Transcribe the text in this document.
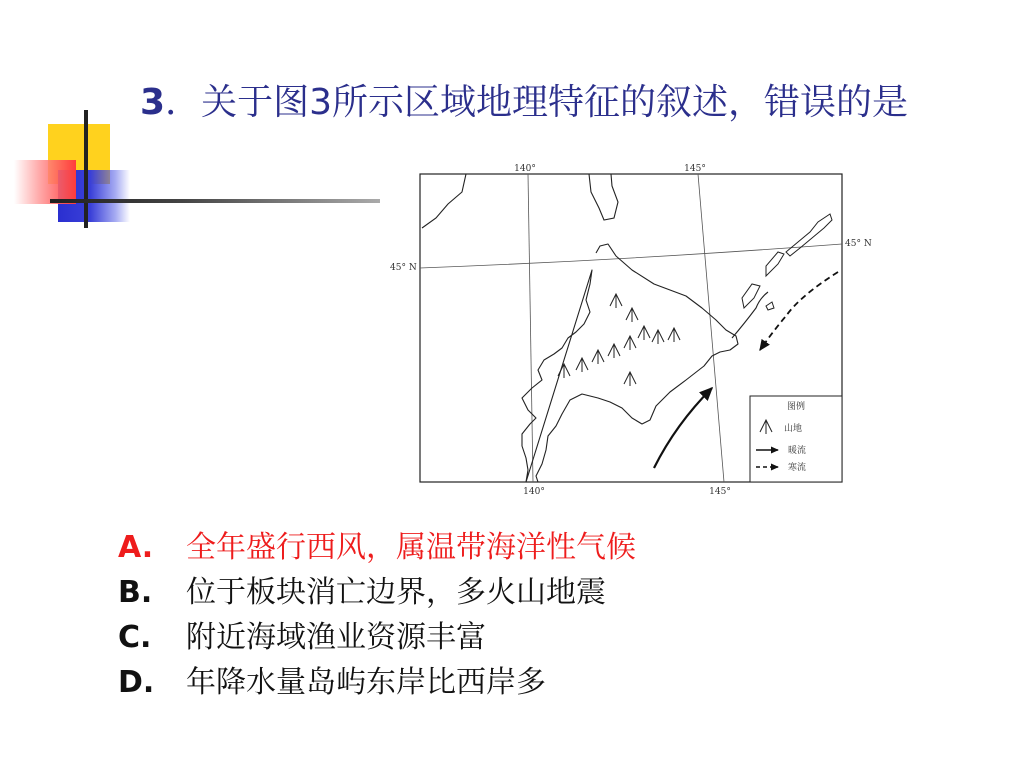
3．关于图3所示区域地理特征的叙述，错误的是
图例
山地
暖流
寒流
140°	145°
140°	145°
45° N
45° N
A. 全年盛行西风，属温带海洋性气候
B. 位于板块消亡边界，多火山地震
C. 附近海域渔业资源丰富
D. 年降水量岛屿东岸比西岸多
